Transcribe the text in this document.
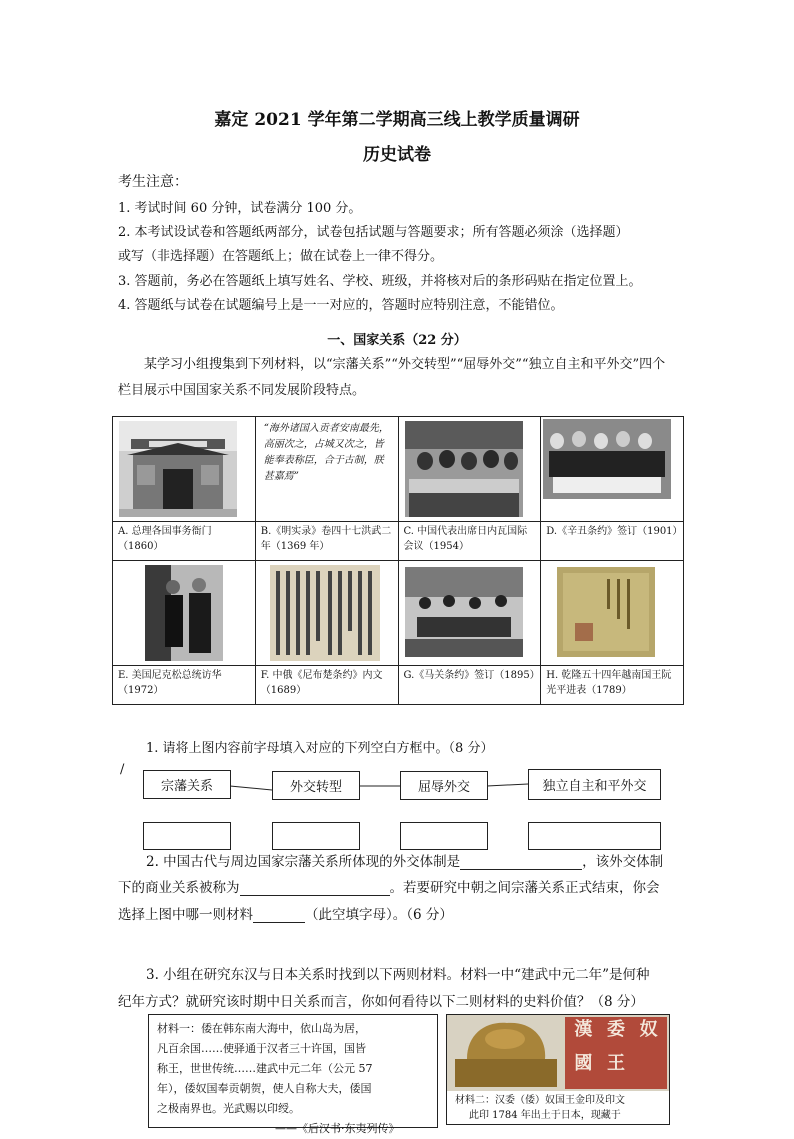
嘉定 2021 学年第二学期高三线上教学质量调研
历史试卷
考生注意：
1. 考试时间 60 分钟，试卷满分 100 分。
2. 本考试设试卷和答题纸两部分，试卷包括试题与答题要求；所有答题必须涂（选择题）
或写（非选择题）在答题纸上；做在试卷上一律不得分。
3. 答题前，务必在答题纸上填写姓名、学校、班级，并将核对后的条形码贴在指定位置上。
4. 答题纸与试卷在试题编号上是一一对应的，答题时应特别注意，不能错位。
一、国家关系（22 分）
某学习小组搜集到下列材料，以“宗藩关系”“外交转型”“屈辱外交”“独立自主和平外交”四个栏目展示中国国家关系不同发展阶段特点。

“海外诸国入贡者安南最先，高丽次之，占城又次之，皆能奉表称臣，合于古制，朕甚嘉焉”

A. 总理各国事务衙门（1860）	B.《明实录》卷四十七洪武二年（1369 年）	C. 中国代表出席日内瓦国际会议（1954）	D.《辛丑条约》签订（1901）

E. 美国尼克松总统访华（1972）	F. 中俄《尼布楚条约》内文（1689）	G.《马关条约》签订（1895）	H. 乾隆五十四年越南国王阮光平进表（1789）
1. 请将上图内容前字母填入对应的下列空白方框中。（8 分）
/
宗藩关系	外交转型	屈辱外交	独立自主和平外交
2. 中国古代与周边国家宗藩关系所体现的外交体制是	，该外交体制
下的商业关系被称为	。若要研究中朝之间宗藩关系正式结束，你会
选择上图中哪一则材料	（此空填字母）。（6 分）
3. 小组在研究东汉与日本关系时找到以下两则材料。材料一中“建武中元二年”是何种
纪年方式？就研究该时期中日关系而言，你如何看待以下二则材料的史料价值？（8 分）
材料一：倭在韩东南大海中，依山岛为居，
凡百余国……使驿通于汉者三十许国，国皆
称王，世世传统……建武中元二年（公元 57
年），倭奴国奉贡朝贺，使人自称大夫，倭国
之极南界也。光武赐以印绶。
——《后汉书·东夷列传》
漢 委 奴
國 王
材料二：汉委（倭）奴国王金印及印文
此印 1784 年出土于日本，现藏于
